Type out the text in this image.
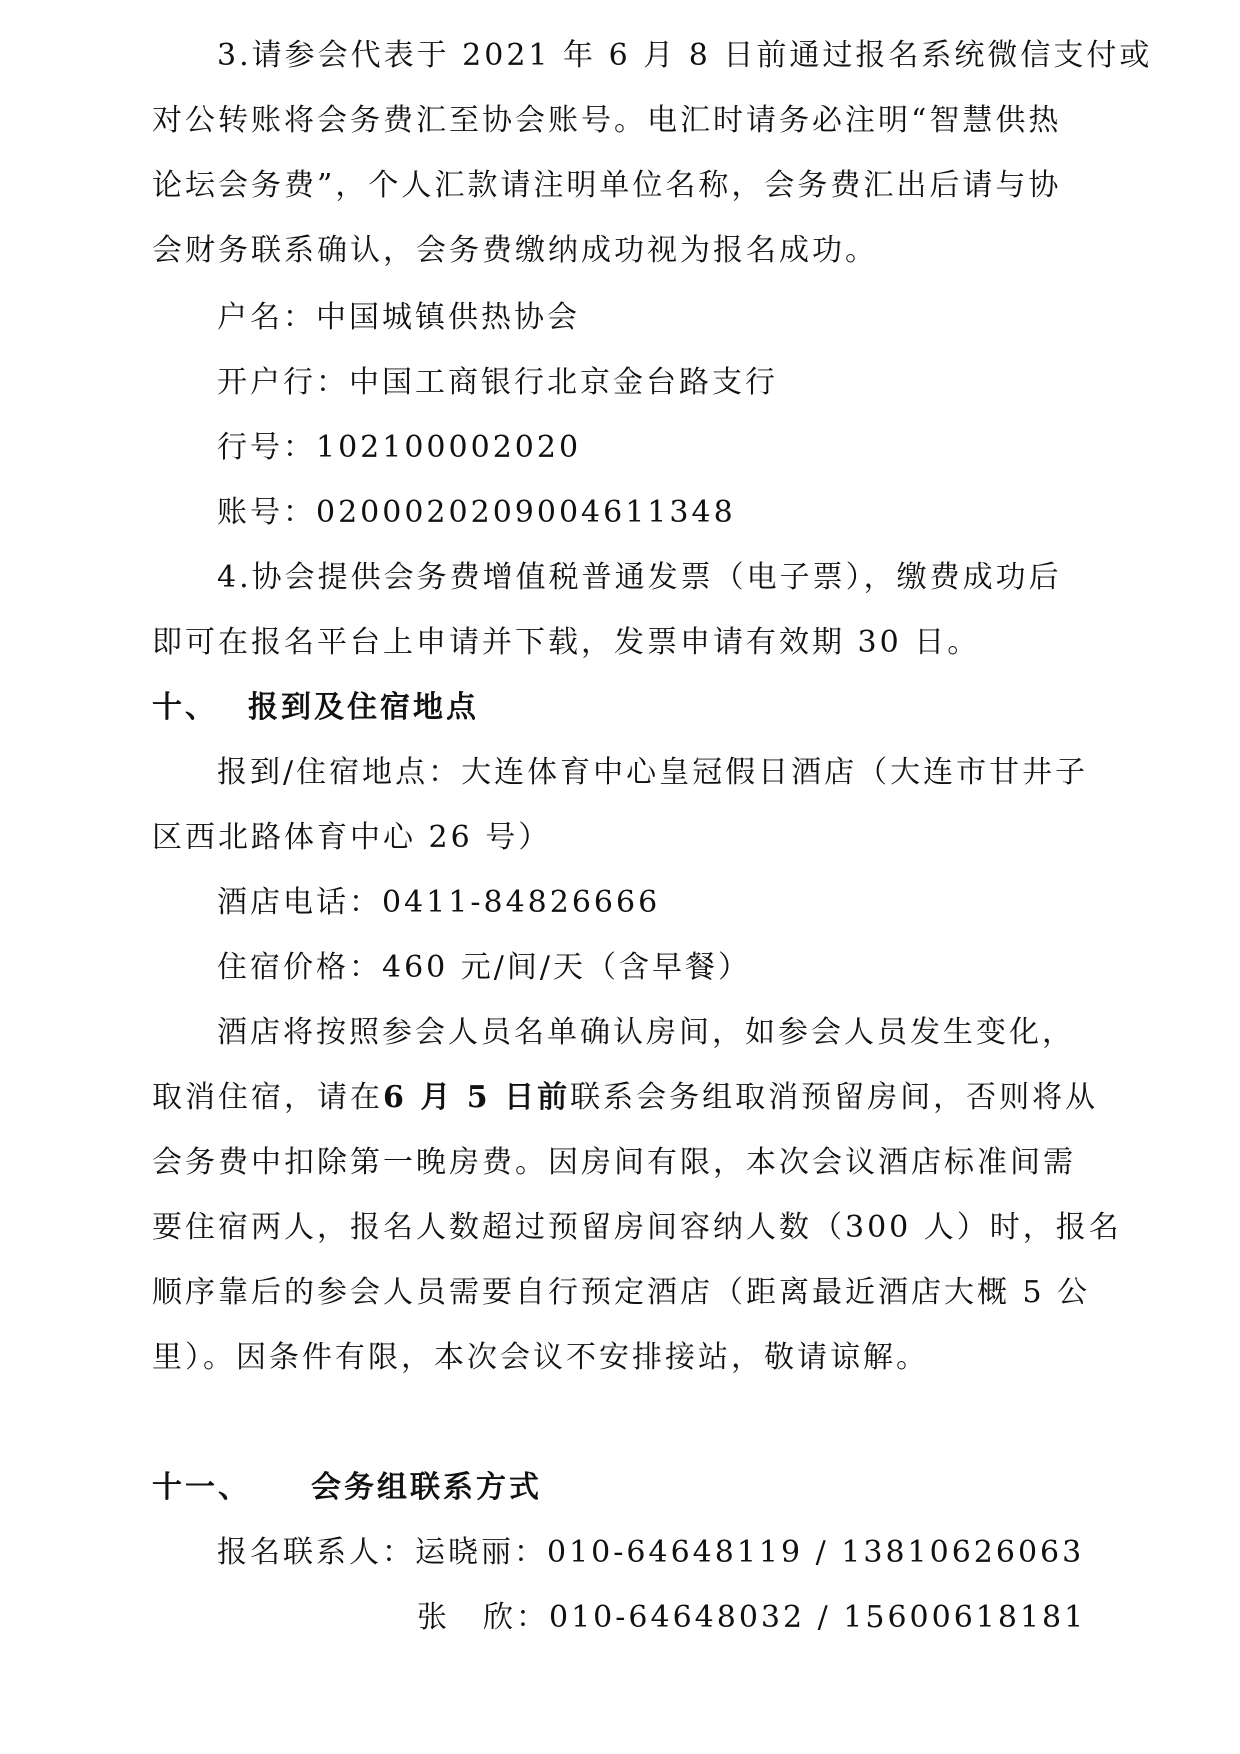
3.请参会代表于 2021 年 6 月 8 日前通过报名系统微信支付或
对公转账将会务费汇至协会账号。电汇时请务必注明“智慧供热
论坛会务费”，个人汇款请注明单位名称，会务费汇出后请与协
会财务联系确认，会务费缴纳成功视为报名成功。
户名：中国城镇供热协会
开户行：中国工商银行北京金台路支行
行号：102100002020
账号：0200020209004611348
4.协会提供会务费增值税普通发票（电子票），缴费成功后
即可在报名平台上申请并下载，发票申请有效期 30 日。
十、 报到及住宿地点
报到/住宿地点：大连体育中心皇冠假日酒店（大连市甘井子
区西北路体育中心 26 号）
酒店电话：0411-84826666
住宿价格：460 元/间/天（含早餐）
酒店将按照参会人员名单确认房间，如参会人员发生变化，
取消住宿，请在6 月 5 日前联系会务组取消预留房间，否则将从
会务费中扣除第一晚房费。因房间有限，本次会议酒店标准间需
要住宿两人，报名人数超过预留房间容纳人数（300 人）时，报名
顺序靠后的参会人员需要自行预定酒店（距离最近酒店大概 5 公
里）。因条件有限，本次会议不安排接站，敬请谅解。
十一、 会务组联系方式
报名联系人：运晓丽：010-64648119 / 13810626063
张　欣：010-64648032 / 15600618181
